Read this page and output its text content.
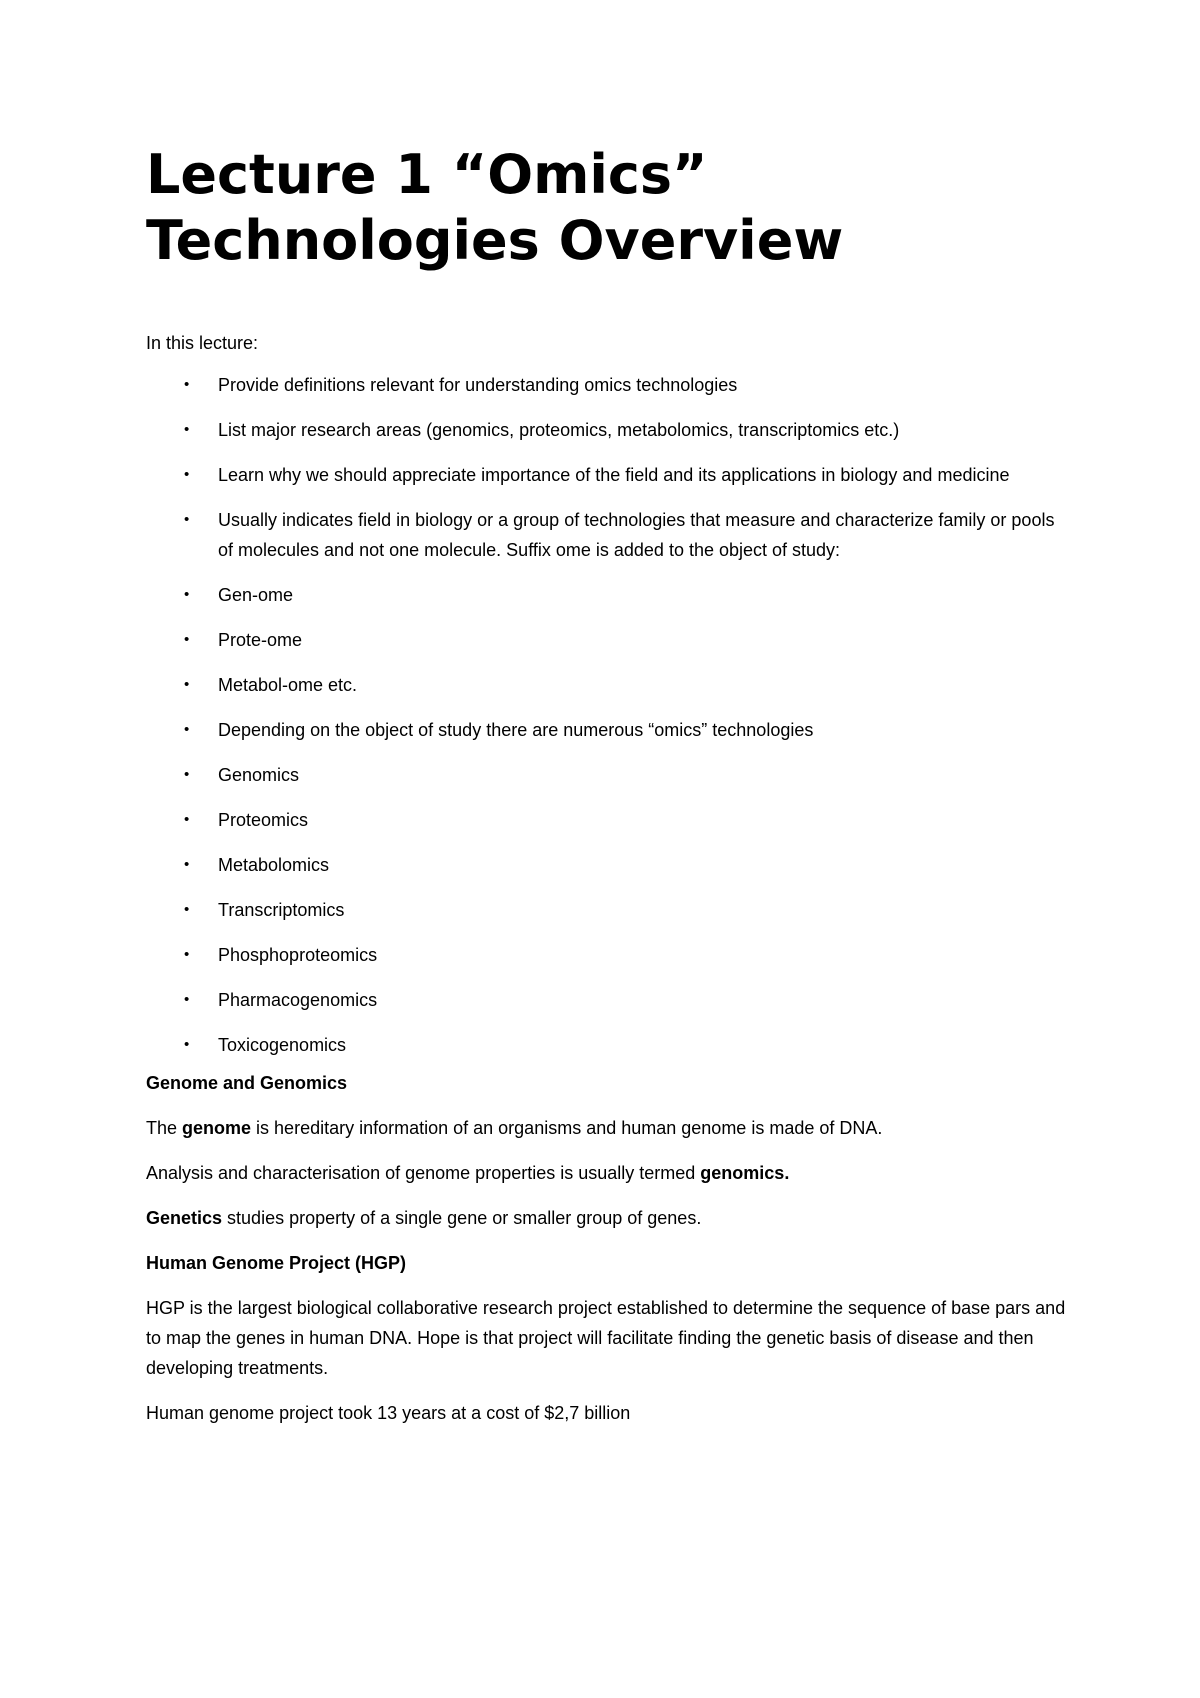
Lecture 1 “Omics”
Technologies Overview
In this lecture:
• Provide definitions relevant for understanding omics technologies
• List major research areas (genomics, proteomics, metabolomics, transcriptomics etc.)
• Learn why we should appreciate importance of the field and its applications in biology and medicine
• Usually indicates field in biology or a group of technologies that measure and characterize family or pools of molecules and not one molecule. Suffix ome is added to the object of study:
• Gen-ome
• Prote-ome
• Metabol-ome etc.
• Depending on the object of study there are numerous “omics” technologies
• Genomics
• Proteomics
• Metabolomics
• Transcriptomics
• Phosphoproteomics
• Pharmacogenomics
• Toxicogenomics
Genome and Genomics

The genome is hereditary information of an organisms and human genome is made of DNA.

Analysis and characterisation of genome properties is usually termed genomics.

Genetics studies property of a single gene or smaller group of genes.

Human Genome Project (HGP)

HGP is the largest biological collaborative research project established to determine the sequence of base pars and to map the genes in human DNA. Hope is that project will facilitate finding the genetic basis of disease and then developing treatments.

Human genome project took 13 years at a cost of $2,7 billion
